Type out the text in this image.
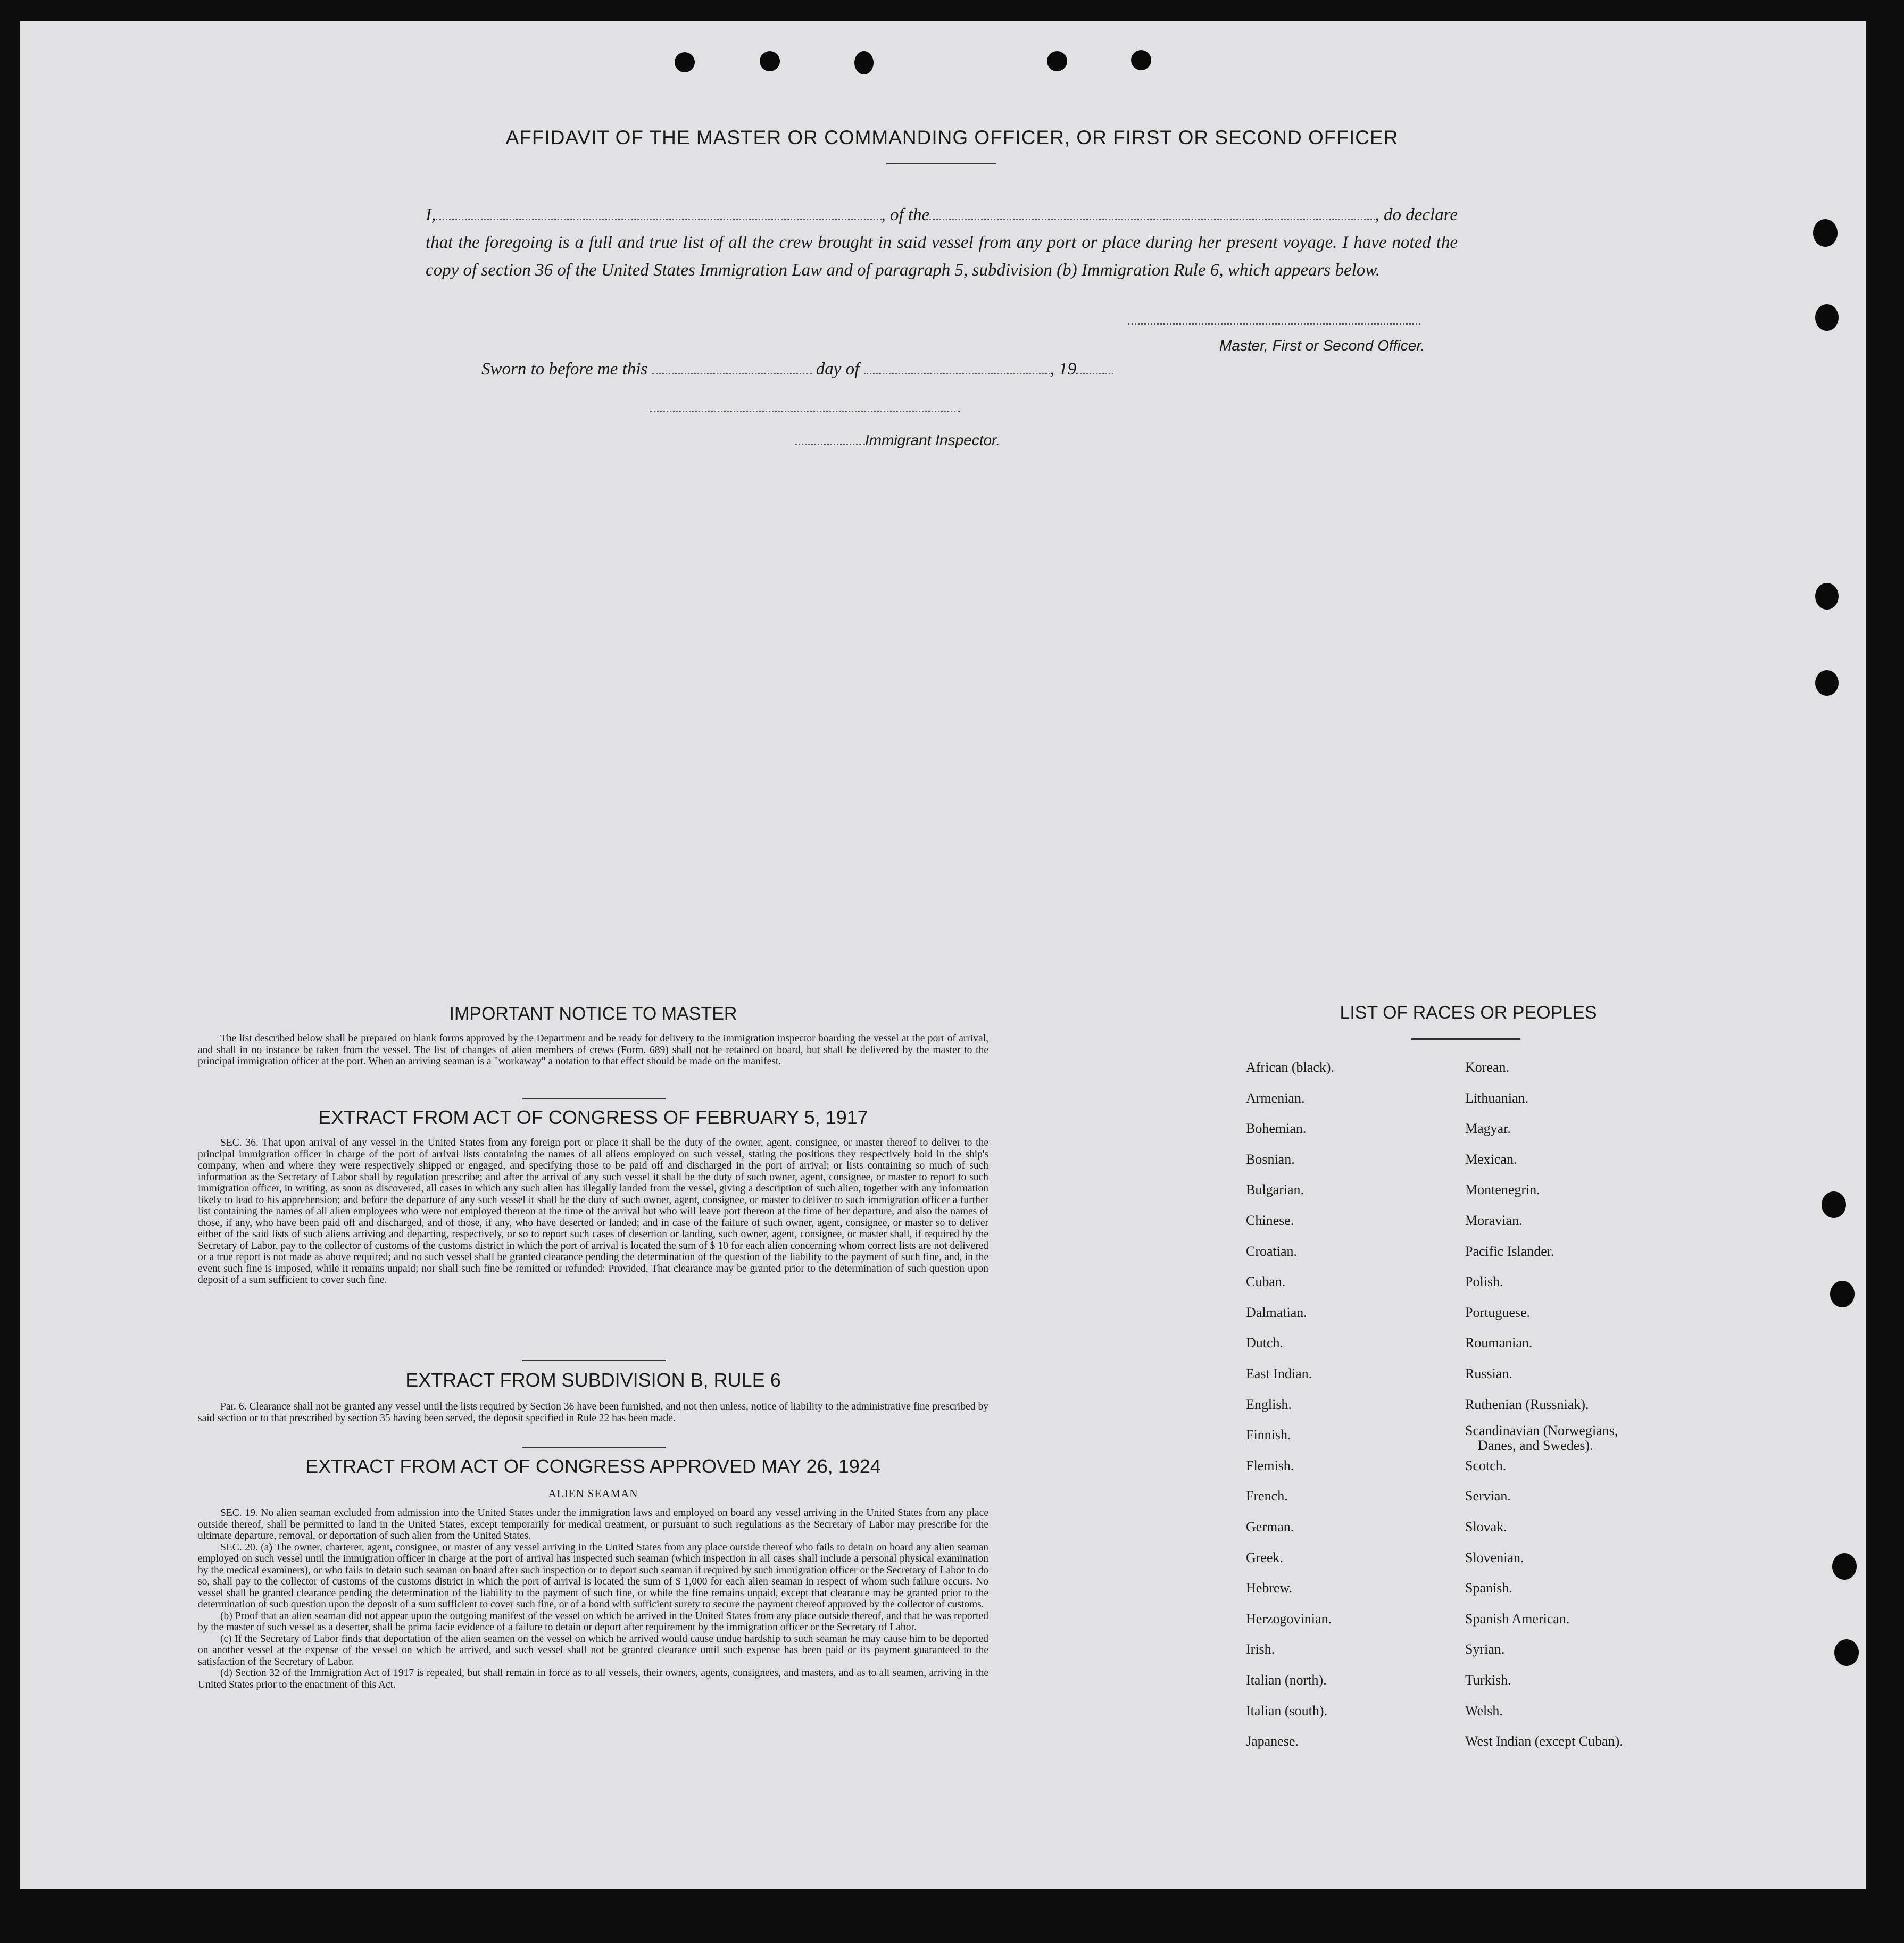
AFFIDAVIT OF THE MASTER OR COMMANDING OFFICER, OR FIRST OR SECOND OFFICER

I,	, of the	, do declare

that the foregoing is a full and true list of all the crew brought in said vessel from any port or place during her present voyage. I have noted the copy of section 36 of the United States Immigration Law and of paragraph 5, subdivision (b) Immigration Rule 6, which appears below.

Master, First or Second Officer.
Sworn to before me this	day of	, 19
Immigrant Inspector.
IMPORTANT NOTICE TO MASTER

The list described below shall be prepared on blank forms approved by the Department and be ready for delivery to the immigration inspector boarding the vessel at the port of arrival, and shall in no instance be taken from the vessel. The list of changes of alien members of crews (Form. 689) shall not be retained on board, but shall be delivered by the master to the principal immigration officer at the port. When an arriving seaman is a "workaway" a notation to that effect should be made on the manifest.

EXTRACT FROM ACT OF CONGRESS OF FEBRUARY 5, 1917

SEC. 36. That upon arrival of any vessel in the United States from any foreign port or place it shall be the duty of the owner, agent, consignee, or master thereof to deliver to the principal immigration officer in charge of the port of arrival lists containing the names of all aliens employed on such vessel, stating the positions they respectively hold in the ship's company, when and where they were respectively shipped or engaged, and specifying those to be paid off and discharged in the port of arrival; or lists containing so much of such information as the Secretary of Labor shall by regulation prescribe; and after the arrival of any such vessel it shall be the duty of such owner, agent, consignee, or master to report to such immigration officer, in writing, as soon as discovered, all cases in which any such alien has illegally landed from the vessel, giving a description of such alien, together with any information likely to lead to his apprehension; and before the departure of any such vessel it shall be the duty of such owner, agent, consignee, or master to deliver to such immigration officer a further list containing the names of all alien employees who were not employed thereon at the time of the arrival but who will leave port thereon at the time of her departure, and also the names of those, if any, who have been paid off and discharged, and of those, if any, who have deserted or landed; and in case of the failure of such owner, agent, consignee, or master so to deliver either of the said lists of such aliens arriving and departing, respectively, or so to report such cases of desertion or landing, such owner, agent, consignee, or master shall, if required by the Secretary of Labor, pay to the collector of customs of the customs district in which the port of arrival is located the sum of $ 10 for each alien concerning whom correct lists are not delivered or a true report is not made as above required; and no such vessel shall be granted clearance pending the determination of the question of the liability to the payment of such fine, and, in the event such fine is imposed, while it remains unpaid; nor shall such fine be remitted or refunded: Provided, That clearance may be granted prior to the determination of such question upon deposit of a sum sufficient to cover such fine.

EXTRACT FROM SUBDIVISION B, RULE 6

Par. 6. Clearance shall not be granted any vessel until the lists required by Section 36 have been furnished, and not then unless, notice of liability to the administrative fine prescribed by said section or to that prescribed by section 35 having been served, the deposit specified in Rule 22 has been made.

EXTRACT FROM ACT OF CONGRESS APPROVED MAY 26, 1924
ALIEN SEAMAN

SEC. 19. No alien seaman excluded from admission into the United States under the immigration laws and employed on board any vessel arriving in the United States from any place outside thereof, shall be permitted to land in the United States, except temporarily for medical treatment, or pursuant to such regulations as the Secretary of Labor may prescribe for the ultimate departure, removal, or deportation of such alien from the United States.

SEC. 20. (a) The owner, charterer, agent, consignee, or master of any vessel arriving in the United States from any place outside thereof who fails to detain on board any alien seaman employed on such vessel until the immigration officer in charge at the port of arrival has inspected such seaman (which inspection in all cases shall include a personal physical examination by the medical examiners), or who fails to detain such seaman on board after such inspection or to deport such seaman if required by such immigration officer or the Secretary of Labor to do so, shall pay to the collector of customs of the customs district in which the port of arrival is located the sum of $ 1,000 for each alien seaman in respect of whom such failure occurs. No vessel shall be granted clearance pending the determination of the liability to the payment of such fine, or while the fine remains unpaid, except that clearance may be granted prior to the determination of such question upon the deposit of a sum sufficient to cover such fine, or of a bond with sufficient surety to secure the payment thereof approved by the collector of customs.

(b) Proof that an alien seaman did not appear upon the outgoing manifest of the vessel on which he arrived in the United States from any place outside thereof, and that he was reported by the master of such vessel as a deserter, shall be prima facie evidence of a failure to detain or deport after requirement by the immigration officer or the Secretary of Labor.

(c) If the Secretary of Labor finds that deportation of the alien seamen on the vessel on which he arrived would cause undue hardship to such seaman he may cause him to be deported on another vessel at the expense of the vessel on which he arrived, and such vessel shall not be granted clearance until such expense has been paid or its payment guaranteed to the satisfaction of the Secretary of Labor.

(d) Section 32 of the Immigration Act of 1917 is repealed, but shall remain in force as to all vessels, their owners, agents, consignees, and masters, and as to all seamen, arriving in the United States prior to the enactment of this Act.

LIST OF RACES OR PEOPLES
African (black).
Armenian.
Bohemian.
Bosnian.
Bulgarian.
Chinese.
Croatian.
Cuban.
Dalmatian.
Dutch.
East Indian.
English.
Finnish.
Flemish.
French.
German.
Greek.
Hebrew.
Herzogovinian.
Irish.
Italian (north).
Italian (south).
Japanese.
Korean.
Lithuanian.
Magyar.
Mexican.
Montenegrin.
Moravian.
Pacific Islander.
Polish.
Portuguese.
Roumanian.
Russian.
Ruthenian (Russniak).
Scandinavian (Norwegians,
Danes, and Swedes).
Scotch.
Servian.
Slovak.
Slovenian.
Spanish.
Spanish American.
Syrian.
Turkish.
Welsh.
West Indian (except Cuban).
